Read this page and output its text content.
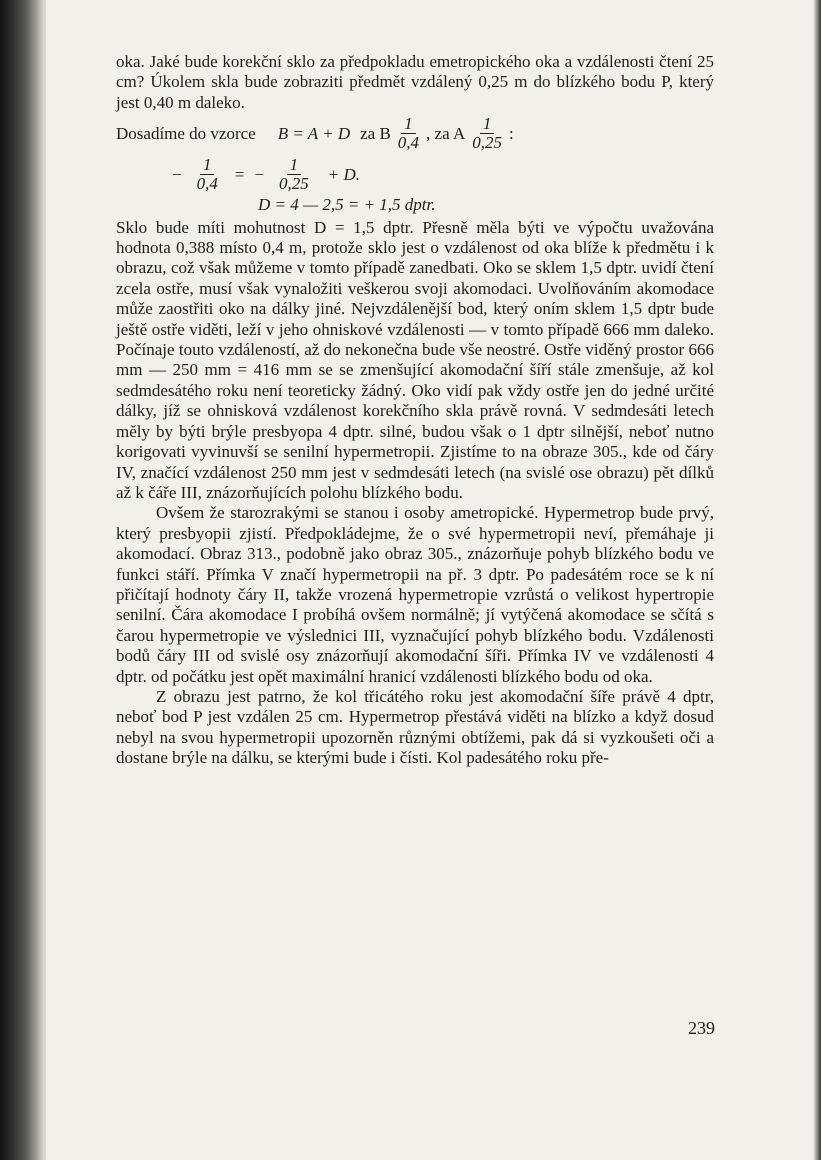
oka. Jaké bude korekční sklo za předpokladu emetropického oka a vzdálenosti čtení 25 cm? Úkolem skla bude zobraziti předmět vzdálený 0,25 m do blízkého bodu P, který jest 0,40 m daleko.

Dosadíme do vzorce B = A + D za B $\frac{1}{0,4}$ , za A $\frac{1}{0,25}$ :
− $\frac{1}{0,4}$ = − $\frac{1}{0,25} + D$.
D = 4 — 2,5 = + 1,5 dptr.

Sklo bude míti mohutnost D = 1,5 dptr. Přesně měla býti ve výpočtu uvažována hodnota 0,388 místo 0,4 m, protože sklo jest o vzdálenost od oka blíže k předmětu i k obrazu, což však můžeme v tomto případě zanedbati. Oko se sklem 1,5 dptr. uvidí čtení zcela ostře, musí však vynaložiti veškerou svoji akomodaci. Uvolňováním akomodace může zaostřiti oko na dálky jiné. Nejvzdálenější bod, který oním sklem 1,5 dptr bude ještě ostře viděti, leží v jeho ohniskové vzdálenosti — v tomto případě 666 mm daleko. Počínaje touto vzdáleností, až do nekonečna bude vše neostré. Ostře viděný prostor 666 mm — 250 mm = 416 mm se se zmenšující akomodační šíří stále zmenšuje, až kol sedmdesátého roku není teoreticky žádný. Oko vidí pak vždy ostře jen do jedné určité dálky, jíž se ohnisková vzdálenost korekčního skla právě rovná. V sedmdesáti letech měly by býti brýle presbyopa 4 dptr. silné, budou však o 1 dptr silnější, neboť nutno korigovati vyvinuvší se senilní hypermetropii. Zjistíme to na obraze 305., kde od čáry IV, značící vzdálenost 250 mm jest v sedmdesáti letech (na svislé ose obrazu) pět dílků až k čáře III, znázorňujících polohu blízkého bodu.

Ovšem že starozrakými se stanou i osoby ametropické. Hypermetrop bude prvý, který presbyopii zjistí. Předpokládejme, že o své hypermetropii neví, přemáhaje ji akomodací. Obraz 313., podobně jako obraz 305., znázorňuje pohyb blízkého bodu ve funkci stáří. Přímka V značí hypermetropii na př. 3 dptr. Po padesátém roce se k ní přičítají hodnoty čáry II, takže vrozená hypermetropie vzrůstá o velikost hypertropie senilní. Čára akomodace I probíhá ovšem normálně; jí vytýčená akomodace se sčítá s čarou hypermetropie ve výslednici III, vyznačující pohyb blízkého bodu. Vzdálenosti bodů čáry III od svislé osy znázorňují akomodační šíři. Přímka IV ve vzdálenosti 4 dptr. od počátku jest opět maximální hranicí vzdálenosti blízkého bodu od oka.

Z obrazu jest patrno, že kol třicátého roku jest akomodační šíře právě 4 dptr, neboť bod P jest vzdálen 25 cm. Hypermetrop přestává viděti na blízko a když dosud nebyl na svou hypermetropii upozorněn různými obtížemi, pak dá si vyzkoušeti oči a dostane brýle na dálku, se kterými bude i čísti. Kol padesátého roku pře-

239
